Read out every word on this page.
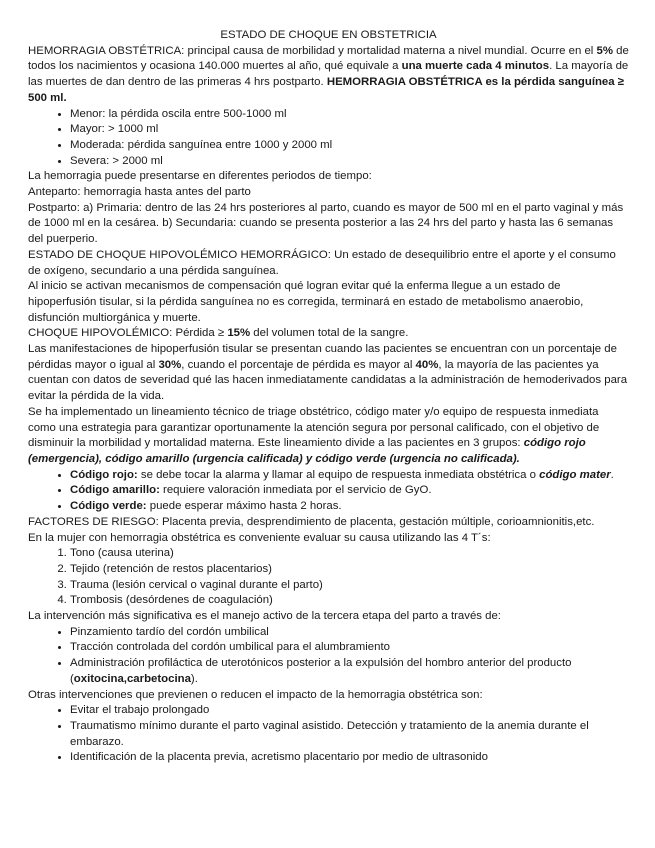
ESTADO DE CHOQUE EN OBSTETRICIA

HEMORRAGIA OBSTÉTRICA: principal causa de morbilidad y mortalidad materna a nivel mundial. Ocurre en el 5% de todos los nacimientos y ocasiona 140.000 muertes al año, qué equivale a una muerte cada 4 minutos. La mayoría de las muertes de dan dentro de las primeras 4 hrs postparto. HEMORRAGIA OBSTÉTRICA es la pérdida sanguínea ≥ 500 ml.

• Menor: la pérdida oscila entre 500-1000 ml
• Mayor: > 1000 ml
• Moderada: pérdida sanguínea entre 1000 y 2000 ml
• Severa: > 2000 ml

La hemorragia puede presentarse en diferentes periodos de tiempo:

Anteparto: hemorragia hasta antes del parto

Postparto: a) Primaria: dentro de las 24 hrs posteriores al parto, cuando es mayor de 500 ml en el parto vaginal y más de 1000 ml en la cesárea. b) Secundaria: cuando se presenta posterior a las 24 hrs del parto y hasta las 6 semanas del puerperio.

ESTADO DE CHOQUE HIPOVOLÉMICO HEMORRÁGICO: Un estado de desequilibrio entre el aporte y el consumo de oxígeno, secundario a una pérdida sanguínea.

Al inicio se activan mecanismos de compensación qué logran evitar qué la enferma llegue a un estado de hipoperfusión tisular, si la pérdida sanguínea no es corregida, terminará en estado de metabolismo anaerobio, disfunción multiorgánica y muerte.

CHOQUE HIPOVOLÉMICO: Pérdida ≥ 15% del volumen total de la sangre.

Las manifestaciones de hipoperfusión tisular se presentan cuando las pacientes se encuentran con un porcentaje de pérdidas mayor o igual al 30%, cuando el porcentaje de pérdida es mayor al 40%, la mayoría de las pacientes ya cuentan con datos de severidad qué las hacen inmediatamente candidatas a la administración de hemoderivados para evitar la pérdida de la vida.

Se ha implementado un lineamiento técnico de triage obstétrico, código mater y/o equipo de respuesta inmediata como una estrategia para garantizar oportunamente la atención segura por personal calificado, con el objetivo de disminuir la morbilidad y mortalidad materna. Este lineamiento divide a las pacientes en 3 grupos: código rojo (emergencia), código amarillo (urgencia calificada) y código verde (urgencia no calificada).

• Código rojo: se debe tocar la alarma y llamar al equipo de respuesta inmediata obstétrica o código mater.
• Código amarillo: requiere valoración inmediata por el servicio de GyO.
• Código verde: puede esperar máximo hasta 2 horas.

FACTORES DE RIESGO: Placenta previa, desprendimiento de placenta, gestación múltiple, corioamnionitis,etc.

En la mujer con hemorragia obstétrica es conveniente evaluar su causa utilizando las 4 T´s:

1. Tono (causa uterina)
2. Tejido (retención de restos placentarios)
3. Trauma (lesión cervical o vaginal durante el parto)
4. Trombosis (desórdenes de coagulación)

La intervención más significativa es el manejo activo de la tercera etapa del parto a través de:

• Pinzamiento tardío del cordón umbilical
• Tracción controlada del cordón umbilical para el alumbramiento
• Administración profiláctica de uterotónicos posterior a la expulsión del hombro anterior del producto (oxitocina,carbetocina).

Otras intervenciones que previenen o reducen el impacto de la hemorragia obstétrica son:

• Evitar el trabajo prolongado
• Traumatismo mínimo durante el parto vaginal asistido. Detección y tratamiento de la anemia durante el embarazo.
• Identificación de la placenta previa, acretismo placentario por medio de ultrasonido
